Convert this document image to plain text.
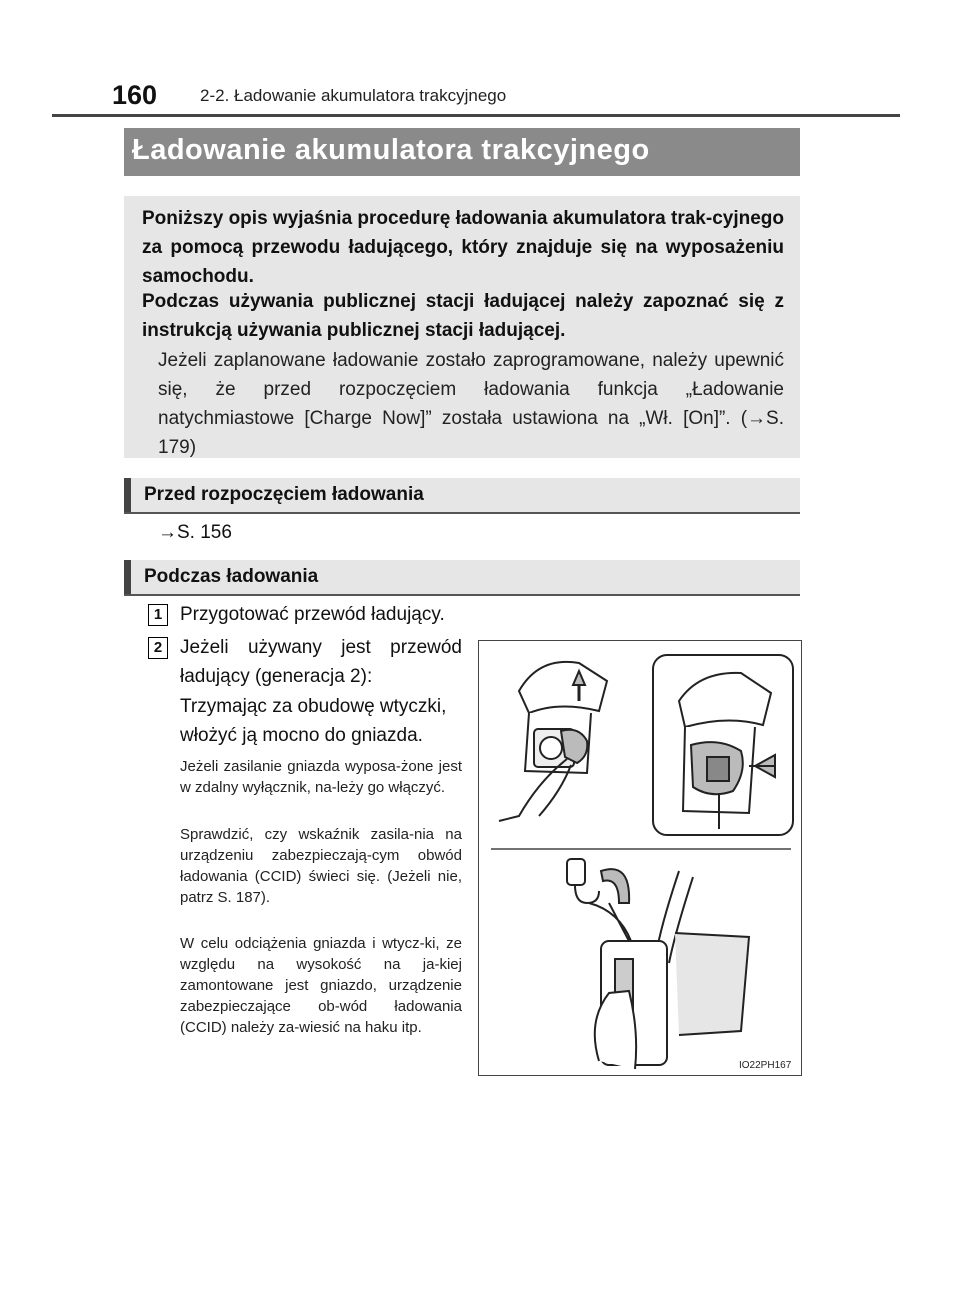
160	2-2. Ładowanie akumulatora trakcyjnego
Ładowanie akumulatora trakcyjnego
Poniższy opis wyjaśnia procedurę ładowania akumulatora trak-cyjnego za pomocą przewodu ładującego, który znajduje się na wyposażeniu samochodu.
Podczas używania publicznej stacji ładującej należy zapoznać się z instrukcją używania publicznej stacji ładującej.
Jeżeli zaplanowane ładowanie zostało zaprogramowane, należy upewnić się, że przed rozpoczęciem ładowania funkcja „Ładowanie natychmiastowe [Charge Now]” została ustawiona na „Wł. [On]”. (→S. 179)
Przed rozpoczęciem ładowania
→S. 156
Podczas ładowania
1 Przygotować przewód ładujący.
2 Jeżeli używany jest przewód ładujący (generacja 2):
Trzymając za obudowę wtyczki, włożyć ją mocno do gniazda.
Jeżeli zasilanie gniazda wyposa-żone jest w zdalny wyłącznik, na-leży go włączyć.
Sprawdzić, czy wskaźnik zasila-nia na urządzeniu zabezpieczają-cym obwód ładowania (CCID) świeci się. (Jeżeli nie, patrz S. 187).
W celu odciążenia gniazda i wtycz-ki, ze względu na wysokość na ja-kiej zamontowane jest gniazdo, urządzenie zabezpieczające ob-wód ładowania (CCID) należy za-wiesić na haku itp.
IO22PH167
